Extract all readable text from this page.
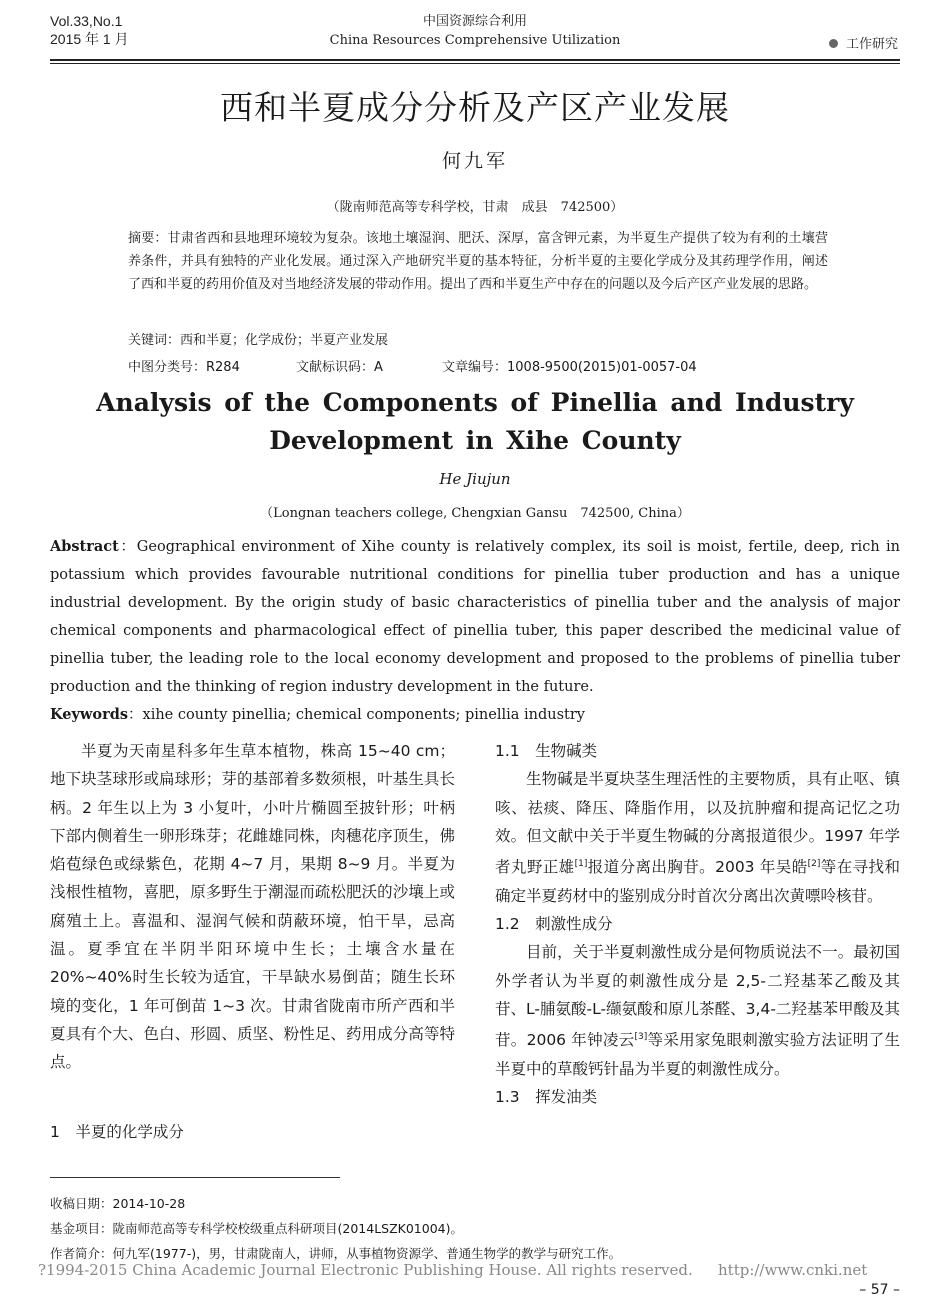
Vol.33,No.1
2015 年 1 月
中国资源综合利用
China Resources Comprehensive Utilization	工作研究
西和半夏成分分析及产区产业发展
何九军
（陇南师范高等专科学校，甘肃　成县　742500）
摘要：甘肃省西和县地理环境较为复杂。该地土壤湿润、肥沃、深厚，富含钾元素，为半夏生产提供了较为有利的土壤营养条件，并具有独特的产业化发展。通过深入产地研究半夏的基本特征，分析半夏的主要化学成分及其药理学作用，阐述了西和半夏的药用价值及对当地经济发展的带动作用。提出了西和半夏生产中存在的问题以及今后产区产业发展的思路。
关键词：西和半夏；化学成份；半夏产业发展
中图分类号：R284	文献标识码：A	文章编号：1008-9500(2015)01-0057-04
Analysis of the Components of Pinellia and Industry
Development in Xihe County
He Jiujun
（Longnan teachers college, Chengxian Gansu　742500, China）
Abstract：Geographical environment of Xihe county is relatively complex, its soil is moist, fertile, deep, rich in potassium which provides favourable nutritional conditions for pinellia tuber production and has a unique industrial development. By the origin study of basic characteristics of pinellia tuber and the analysis of major chemical components and pharmacological effect of pinellia tuber, this paper described the medicinal value of pinellia tuber, the leading role to the local economy development and proposed to the problems of pinellia tuber production and the thinking of region industry development in the future.
Keywords：xihe county pinellia; chemical components; pinellia industry

半夏为天南星科多年生草本植物，株高 15~40 cm；地下块茎球形或扁球形；芽的基部着多数须根，叶基生具长柄。2 年生以上为 3 小复叶，小叶片椭圆至披针形；叶柄下部内侧着生一卵形珠芽；花雌雄同株，肉穗花序顶生，佛焰苞绿色或绿紫色，花期 4~7 月，果期 8~9 月。半夏为浅根性植物，喜肥，原多野生于潮湿而疏松肥沃的沙壤上或腐殖土上。喜温和、湿润气候和荫蔽环境，怕干旱，忌高温。夏季宜在半阴半阳环境中生长；土壤含水量在 20%~40%时生长较为适宜，干旱缺水易倒苗；随生长环境的变化，1 年可倒苗 1~3 次。甘肃省陇南市所产西和半夏具有个大、色白、形圆、质坚、粉性足、药用成分高等特点。

1　半夏的化学成分

1.1　生物碱类

生物碱是半夏块茎生理活性的主要物质，具有止呕、镇咳、祛痰、降压、降脂作用，以及抗肿瘤和提高记忆之功效。但文献中关于半夏生物碱的分离报道很少。1997 年学者丸野正雄[1]报道分离出胸苷。2003 年吴皓[2]等在寻找和确定半夏药材中的鉴别成分时首次分离出次黄嘌呤核苷。

1.2　刺激性成分

目前，关于半夏刺激性成分是何物质说法不一。最初国外学者认为半夏的刺激性成分是 2,5-二羟基苯乙酸及其苷、L-脯氨酸-L-缬氨酸和原儿茶醛、3,4-二羟基苯甲酸及其苷。2006 年钟凌云[3]等采用家兔眼刺激实验方法证明了生半夏中的草酸钙针晶为半夏的刺激性成分。

1.3　挥发油类

收稿日期：2014-10-28
基金项目：陇南师范高等专科学校校级重点科研项目(2014LSZK01004)。
作者简介：何九军(1977-)，男，甘肃陇南人，讲师，从事植物资源学、普通生物学的教学与研究工作。
?1994-2015 China Academic Journal Electronic Publishing House. All rights reserved. http://www.cnki.net
– 57 –
